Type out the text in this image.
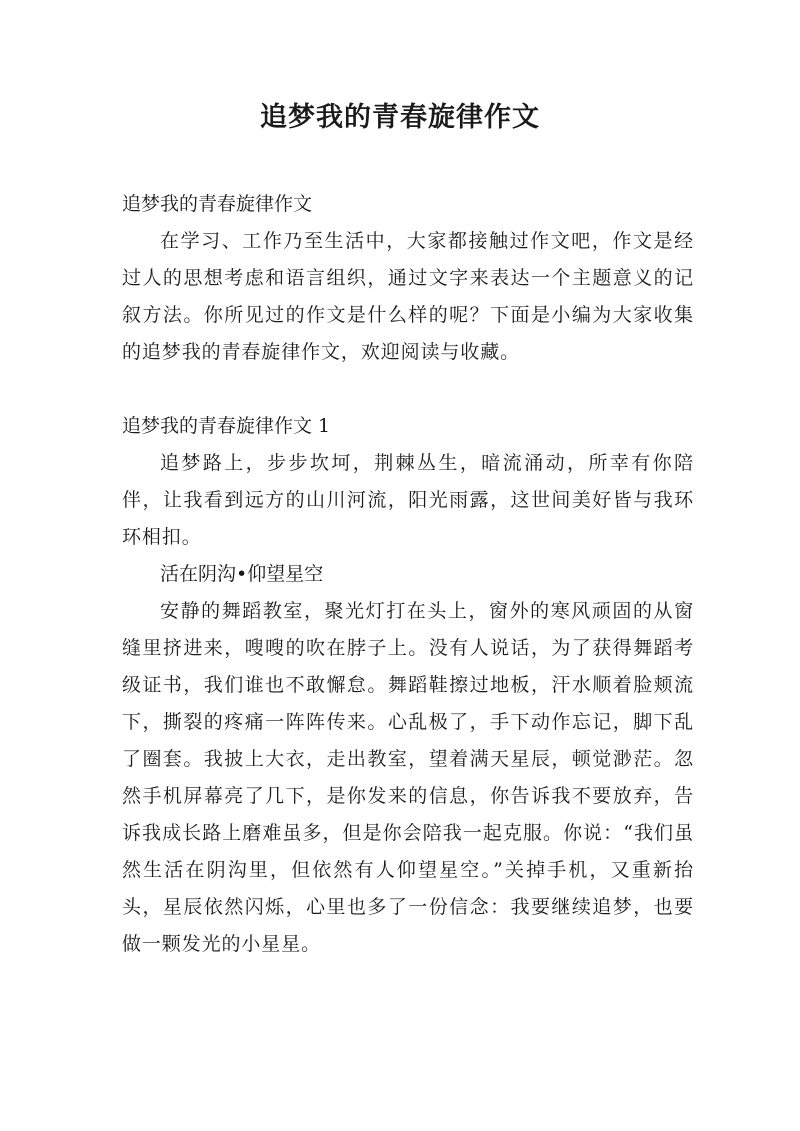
追梦我的青春旋律作文

追梦我的青春旋律作文

在学习、工作乃至生活中，大家都接触过作文吧，作文是经过人的思想考虑和语言组织，通过文字来表达一个主题意义的记叙方法。你所见过的作文是什么样的呢？下面是小编为大家收集的追梦我的青春旋律作文，欢迎阅读与收藏。

追梦我的青春旋律作文 1

追梦路上，步步坎坷，荆棘丛生，暗流涌动，所幸有你陪伴，让我看到远方的山川河流，阳光雨露，这世间美好皆与我环环相扣。

活在阴沟•仰望星空

安静的舞蹈教室，聚光灯打在头上，窗外的寒风顽固的从窗缝里挤进来，嗖嗖的吹在脖子上。没有人说话，为了获得舞蹈考级证书，我们谁也不敢懈怠。舞蹈鞋擦过地板，汗水顺着脸颊流下，撕裂的疼痛一阵阵传来。心乱极了，手下动作忘记，脚下乱了圈套。我披上大衣，走出教室，望着满天星辰，顿觉渺茫。忽然手机屏幕亮了几下，是你发来的信息，你告诉我不要放弃，告诉我成长路上磨难虽多，但是你会陪我一起克服。你说：“我们虽然生活在阴沟里，但依然有人仰望星空。”关掉手机，又重新抬头，星辰依然闪烁，心里也多了一份信念：我要继续追梦，也要做一颗发光的小星星。
